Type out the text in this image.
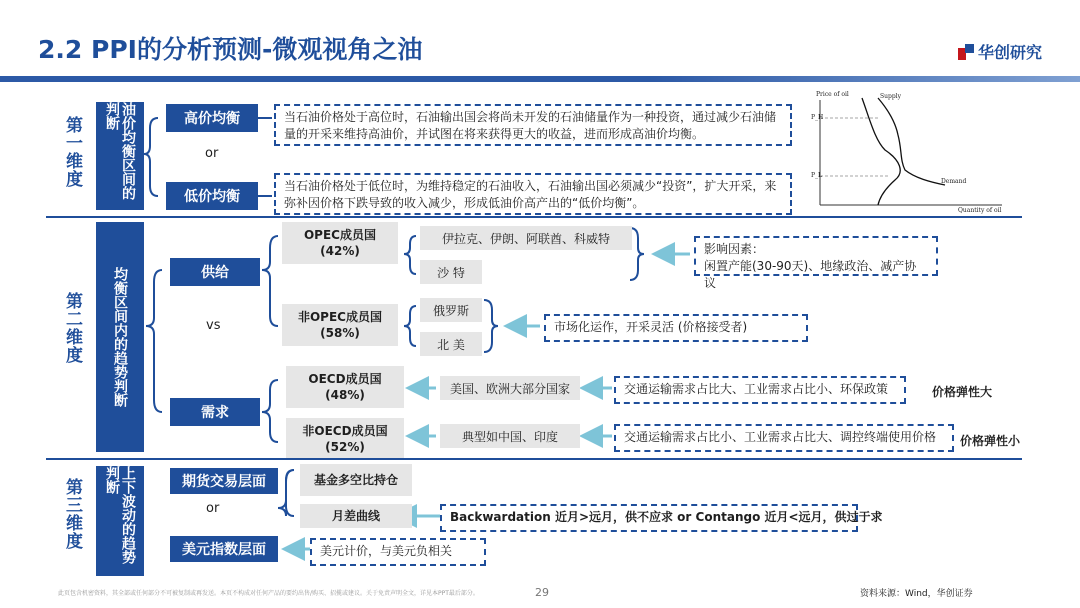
2.2 PPI的分析预测-微观视角之油	华创研究
Price of oil	Supply
Demand
P_H
P_L
Quantity of oil
第一维度	油价均衡区间的判断	高价均衡
or
低价均衡
当石油价格处于高位时，石油输出国会将尚未开发的石油储量作为一种投资，通过减少石油储量的开采来维持高油价，并试图在将来获得更大的收益，进而形成高油价均衡。
当石油价格处于低位时，为维持稳定的石油收入，石油输出国必须减少“投资”，扩大开采，来弥补因价格下跌导致的收入减少，形成低油价高产出的“低价均衡”。
第二维度	均衡区间内的趋势判断	供给
vs
需求
OPEC成员国
(42%)
伊拉克、伊朗、阿联酋、科威特
沙 特
影响因素：
闲置产能(30-90天)、地缘政治、减产协议
非OPEC成员国
(58%)
俄罗斯
北 美
市场化运作，开采灵活 (价格接受者)
OECD成员国
(48%)	美国、欧洲大部分国家	交通运输需求占比大、工业需求占比小、环保政策	价格弹性大
非OECD成员国
(52%)
典型如中国、印度	交通运输需求占比小、工业需求占比大、调控终端使用价格	价格弹性小
第三维度	上下波动的趋势判断	期货交易层面
or
美元指数层面
基金多空比持仓
月差曲线	Backwardation 近月>远月，供不应求 or Contango 近月<远月，供过于求
美元计价，与美元负相关
此页包含机密资料，其全部或任何部分不可被复制或再发送。本页不构成对任何产品的要约出售/购买、招揽或建议。关于免责声明全文，详见本PPT最后部分。	29	资料来源：Wind，华创证券
